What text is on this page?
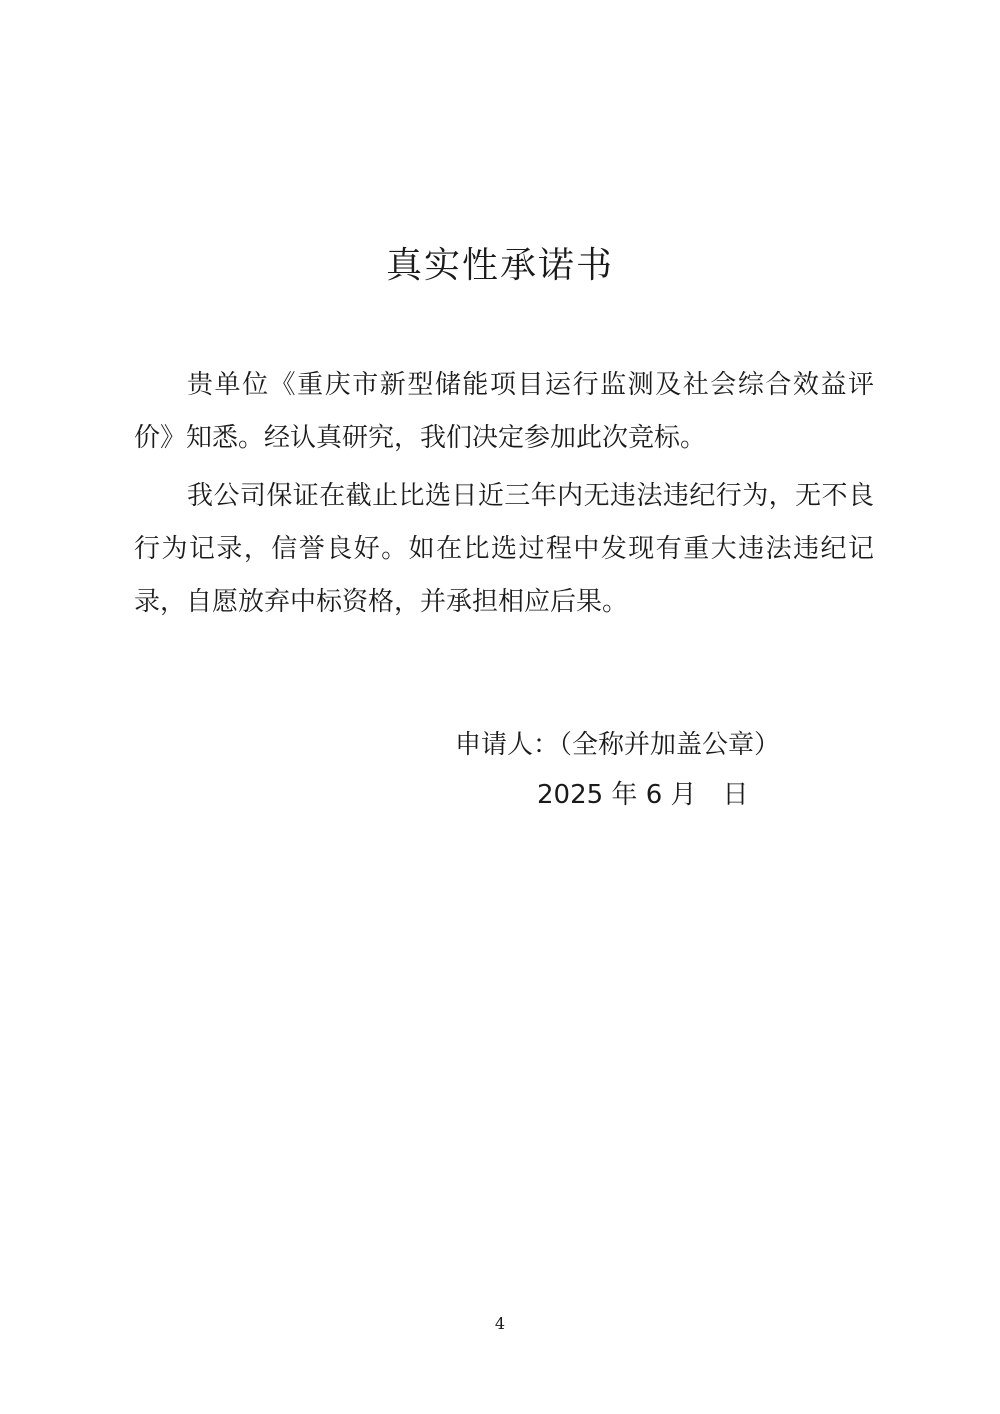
真实性承诺书

贵单位《重庆市新型储能项目运行监测及社会综合效益评价》知悉。经认真研究，我们决定参加此次竞标。

我公司保证在截止比选日近三年内无违法违纪行为，无不良行为记录，信誉良好。如在比选过程中发现有重大违法违纪记录，自愿放弃中标资格，并承担相应后果。

申请人：（全称并加盖公章）

2025 年 6 月　日

4
